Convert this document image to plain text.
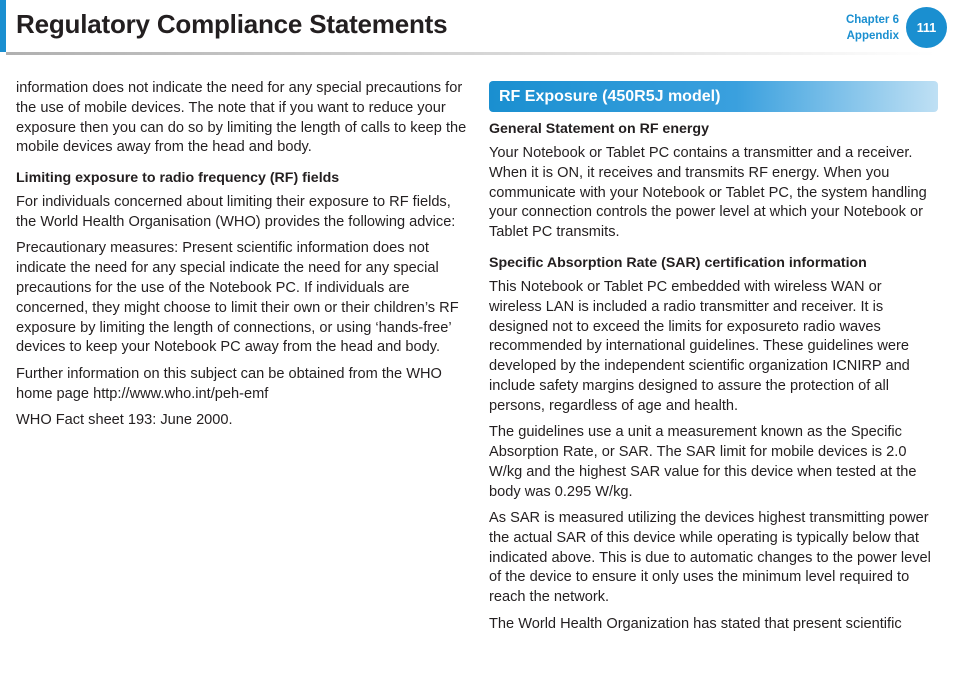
Regulatory Compliance Statements	Chapter 6
Appendix
111

information does not indicate the need for any special precautions for the use of mobile devices. The note that if you want to reduce your exposure then you can do so by limiting the length of calls to keep the mobile devices away from the head and body.

Limiting exposure to radio frequency (RF) fields

For individuals concerned about limiting their exposure to RF fields, the World Health Organisation (WHO) provides the following advice:

Precautionary measures: Present scientific information does not indicate the need for any special indicate the need for any special precautions for the use of the Notebook PC. If individuals are concerned, they might choose to limit their own or their children’s RF exposure by limiting the length of connections, or using ‘hands-free’ devices to keep your Notebook PC away from the head and body.

Further information on this subject can be obtained from the WHO home page http://www.who.int/peh-emf

WHO Fact sheet 193: June 2000.

RF Exposure (450R5J model)
General Statement on RF energy

Your Notebook or Tablet PC contains a transmitter and a receiver. When it is ON, it receives and transmits RF energy. When you communicate with your Notebook or Tablet PC, the system handling your connection controls the power level at which your Notebook or Tablet PC transmits.

Specific Absorption Rate (SAR) certification information

This Notebook or Tablet PC embedded with wireless WAN or wireless LAN is included a radio transmitter and receiver. It is designed not to exceed the limits for exposureto radio waves recommended by international guidelines. These guidelines were developed by the independent scientific organization ICNIRP and include safety margins designed to assure the protection of all persons, regardless of age and health.

The guidelines use a unit a measurement known as the Specific Absorption Rate, or SAR. The SAR limit for mobile devices is 2.0 W/kg and the highest SAR value for this device when tested at the body was 0.295 W/kg.

As SAR is measured utilizing the devices highest transmitting power the actual SAR of this device while operating is typically below that indicated above. This is due to automatic changes to the power level of the device to ensure it only uses the minimum level required to reach the network.

The World Health Organization has stated that present scientific
